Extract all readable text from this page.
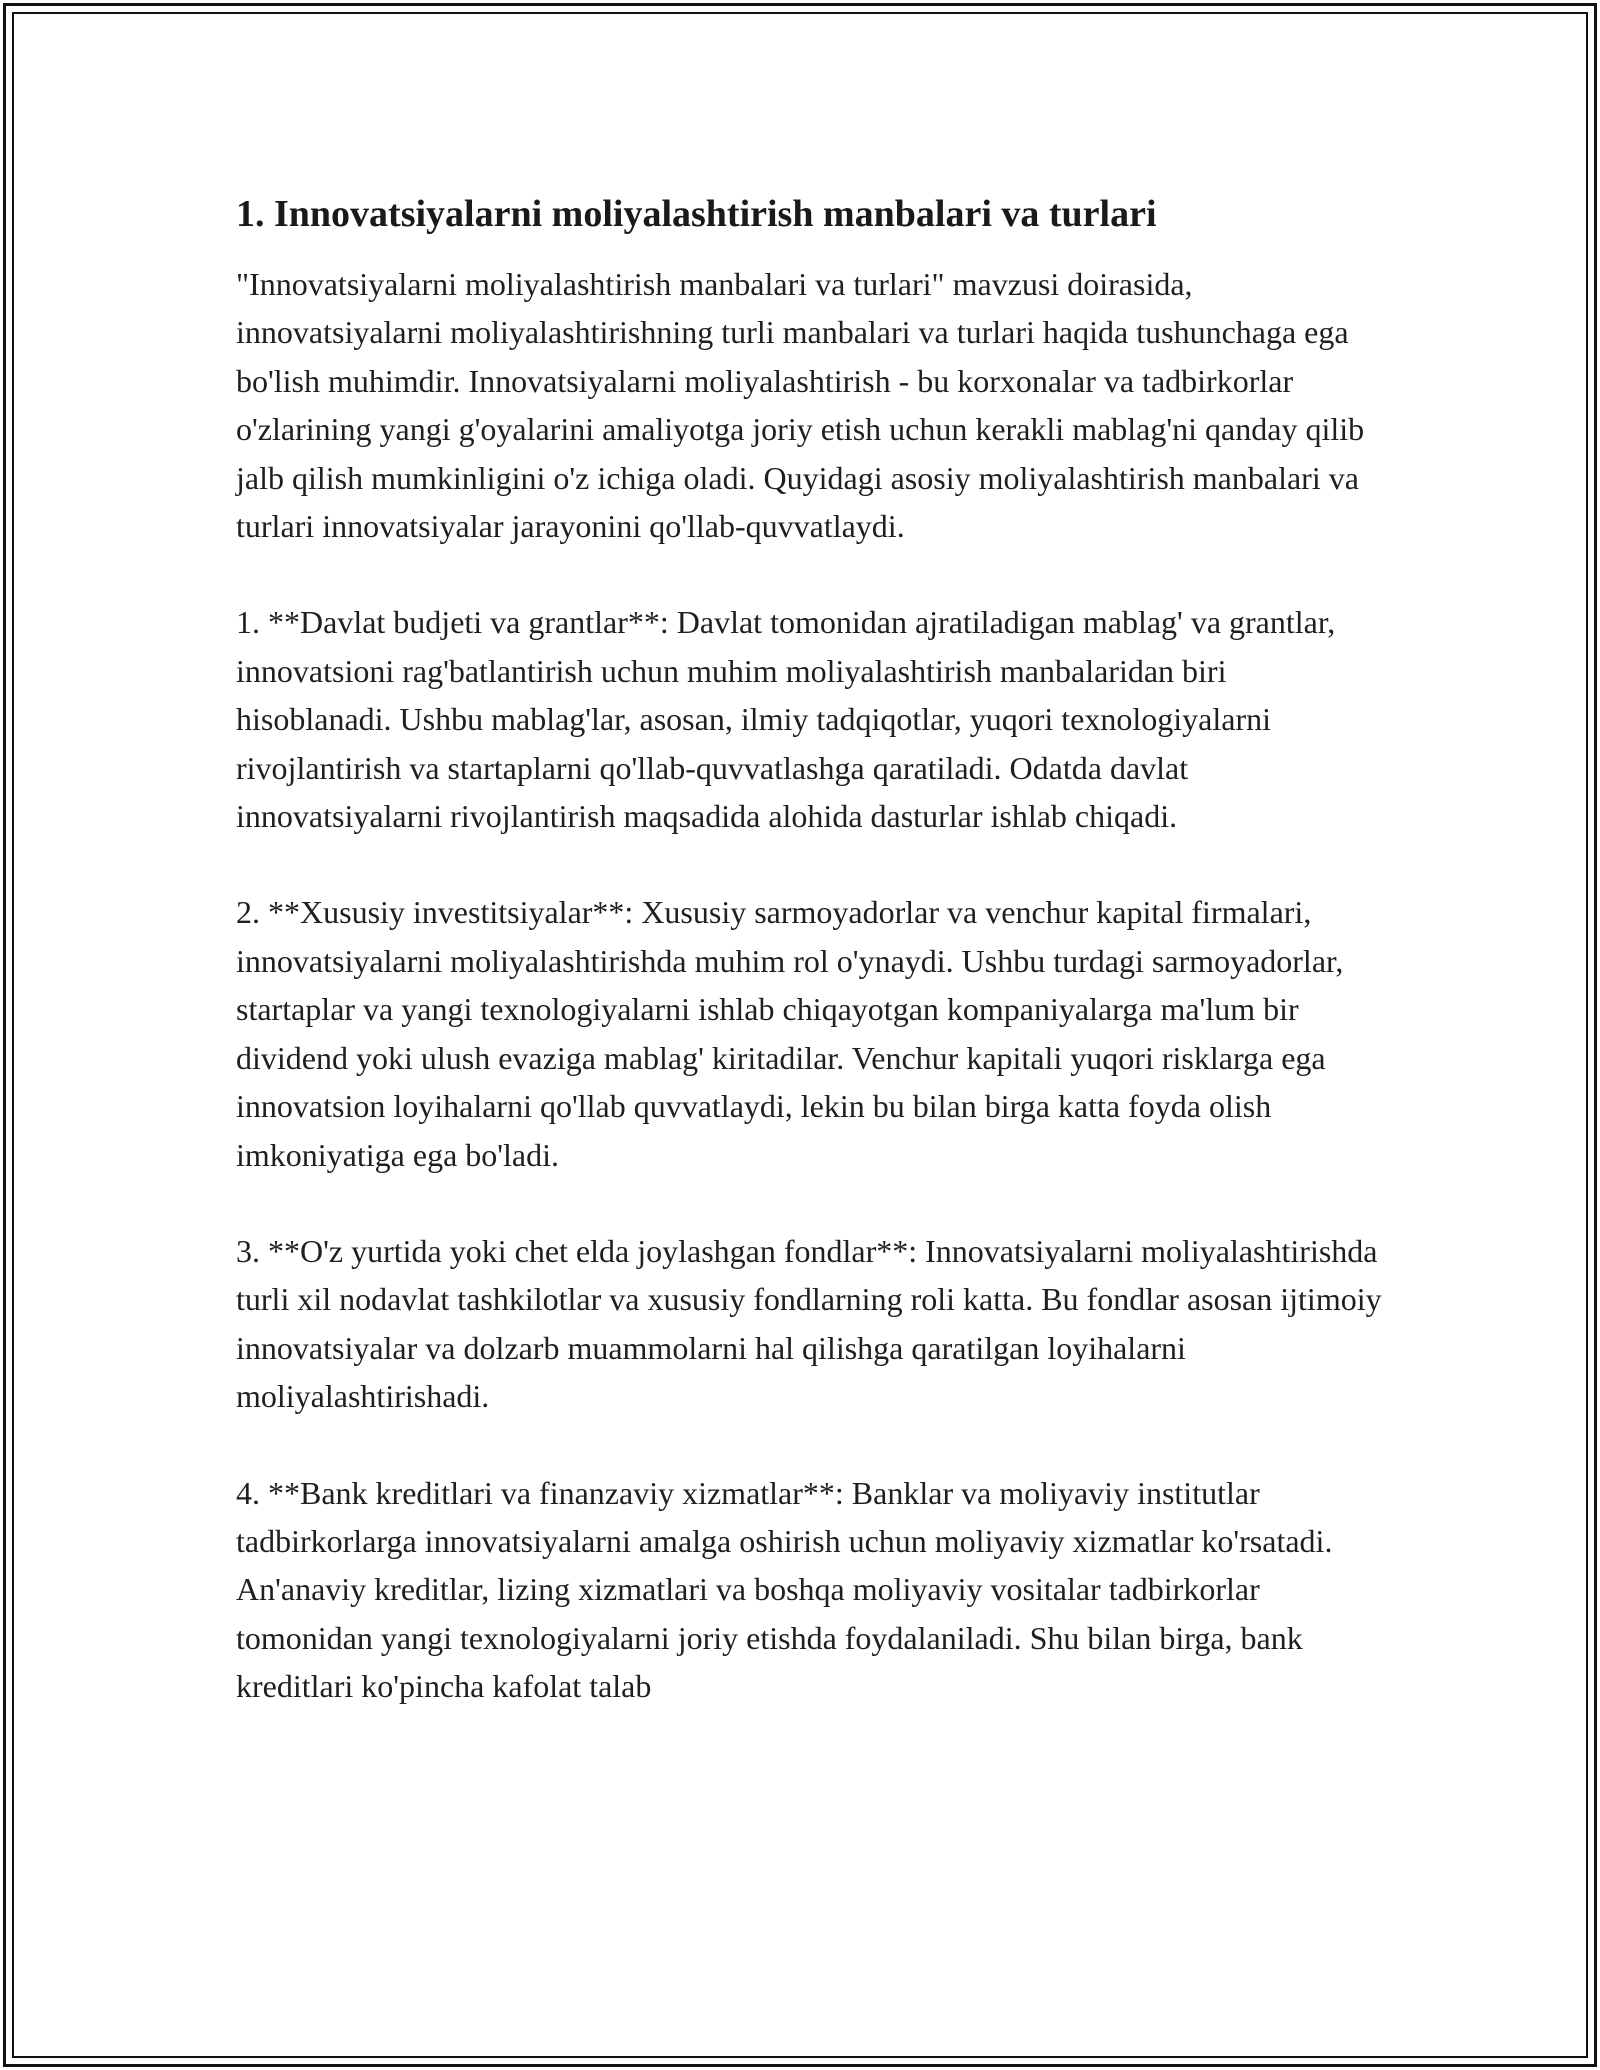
1. Innovatsiyalarni moliyalashtirish manbalari va turlari

"Innovatsiyalarni moliyalashtirish manbalari va turlari" mavzusi doirasida, innovatsiyalarni moliyalashtirishning turli manbalari va turlari haqida tushunchaga ega bo'lish muhimdir. Innovatsiyalarni moliyalashtirish - bu korxonalar va tadbirkorlar o'zlarining yangi g'oyalarini amaliyotga joriy etish uchun kerakli mablag'ni qanday qilib jalb qilish mumkinligini o'z ichiga oladi. Quyidagi asosiy moliyalashtirish manbalari va turlari innovatsiyalar jarayonini qo'llab-quvvatlaydi.

1. **Davlat budjeti va grantlar**: Davlat tomonidan ajratiladigan mablag' va grantlar, innovatsioni rag'batlantirish uchun muhim moliyalashtirish manbalaridan biri hisoblanadi. Ushbu mablag'lar, asosan, ilmiy tadqiqotlar, yuqori texnologiyalarni rivojlantirish va startaplarni qo'llab-quvvatlashga qaratiladi. Odatda davlat innovatsiyalarni rivojlantirish maqsadida alohida dasturlar ishlab chiqadi.

2. **Xususiy investitsiyalar**: Xususiy sarmoyadorlar va venchur kapital firmalari, innovatsiyalarni moliyalashtirishda muhim rol o'ynaydi. Ushbu turdagi sarmoyadorlar, startaplar va yangi texnologiyalarni ishlab chiqayotgan kompaniyalarga ma'lum bir dividend yoki ulush evaziga mablag' kiritadilar. Venchur kapitali yuqori risklarga ega innovatsion loyihalarni qo'llab quvvatlaydi, lekin bu bilan birga katta foyda olish imkoniyatiga ega bo'ladi.

3. **O'z yurtida yoki chet elda joylashgan fondlar**: Innovatsiyalarni moliyalashtirishda turli xil nodavlat tashkilotlar va xususiy fondlarning roli katta. Bu fondlar asosan ijtimoiy innovatsiyalar va dolzarb muammolarni hal qilishga qaratilgan loyihalarni moliyalashtirishadi.

4. **Bank kreditlari va finanzaviy xizmatlar**: Banklar va moliyaviy institutlar tadbirkorlarga innovatsiyalarni amalga oshirish uchun moliyaviy xizmatlar ko'rsatadi. An'anaviy kreditlar, lizing xizmatlari va boshqa moliyaviy vositalar tadbirkorlar tomonidan yangi texnologiyalarni joriy etishda foydalaniladi. Shu bilan birga, bank kreditlari ko'pincha kafolat talab
